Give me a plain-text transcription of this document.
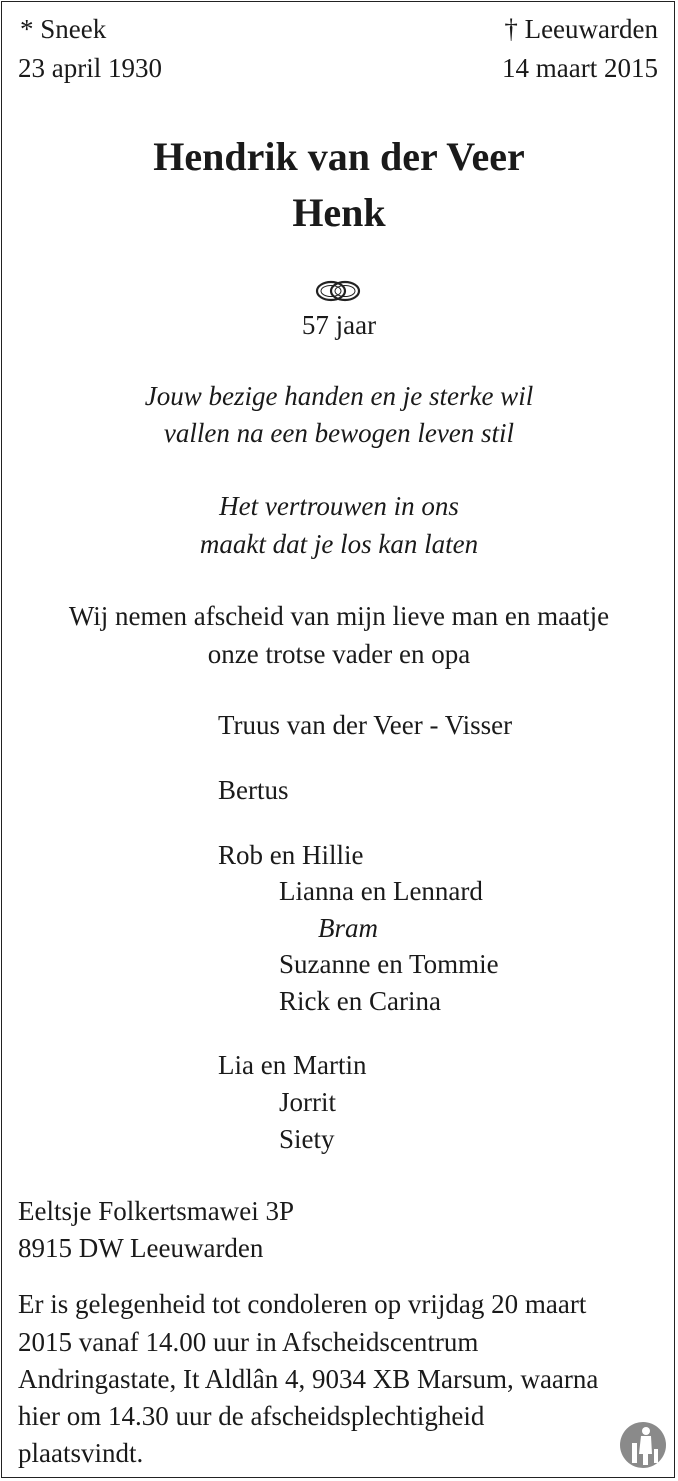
* Sneek
23 april 1930
† Leeuwarden
14 maart 2015
Hendrik van der Veer
Henk
57 jaar
Jouw bezige handen en je sterke wil
vallen na een bewogen leven stil
Het vertrouwen in ons
maakt dat je los kan laten
Wij nemen afscheid van mijn lieve man en maatje
onze trotse vader en opa
Truus van der Veer - Visser
Bertus
Rob en Hillie
Lianna en Lennard
Bram
Suzanne en Tommie
Rick en Carina
Lia en Martin
Jorrit
Siety
Eeltsje Folkertsmawei 3P
8915 DW Leeuwarden
Er is gelegenheid tot condoleren op vrijdag 20 maart
2015 vanaf 14.00 uur in Afscheidscentrum
Andringastate, It Aldlân 4, 9034 XB Marsum, waarna
hier om 14.30 uur de afscheidsplechtigheid
plaatsvindt.
